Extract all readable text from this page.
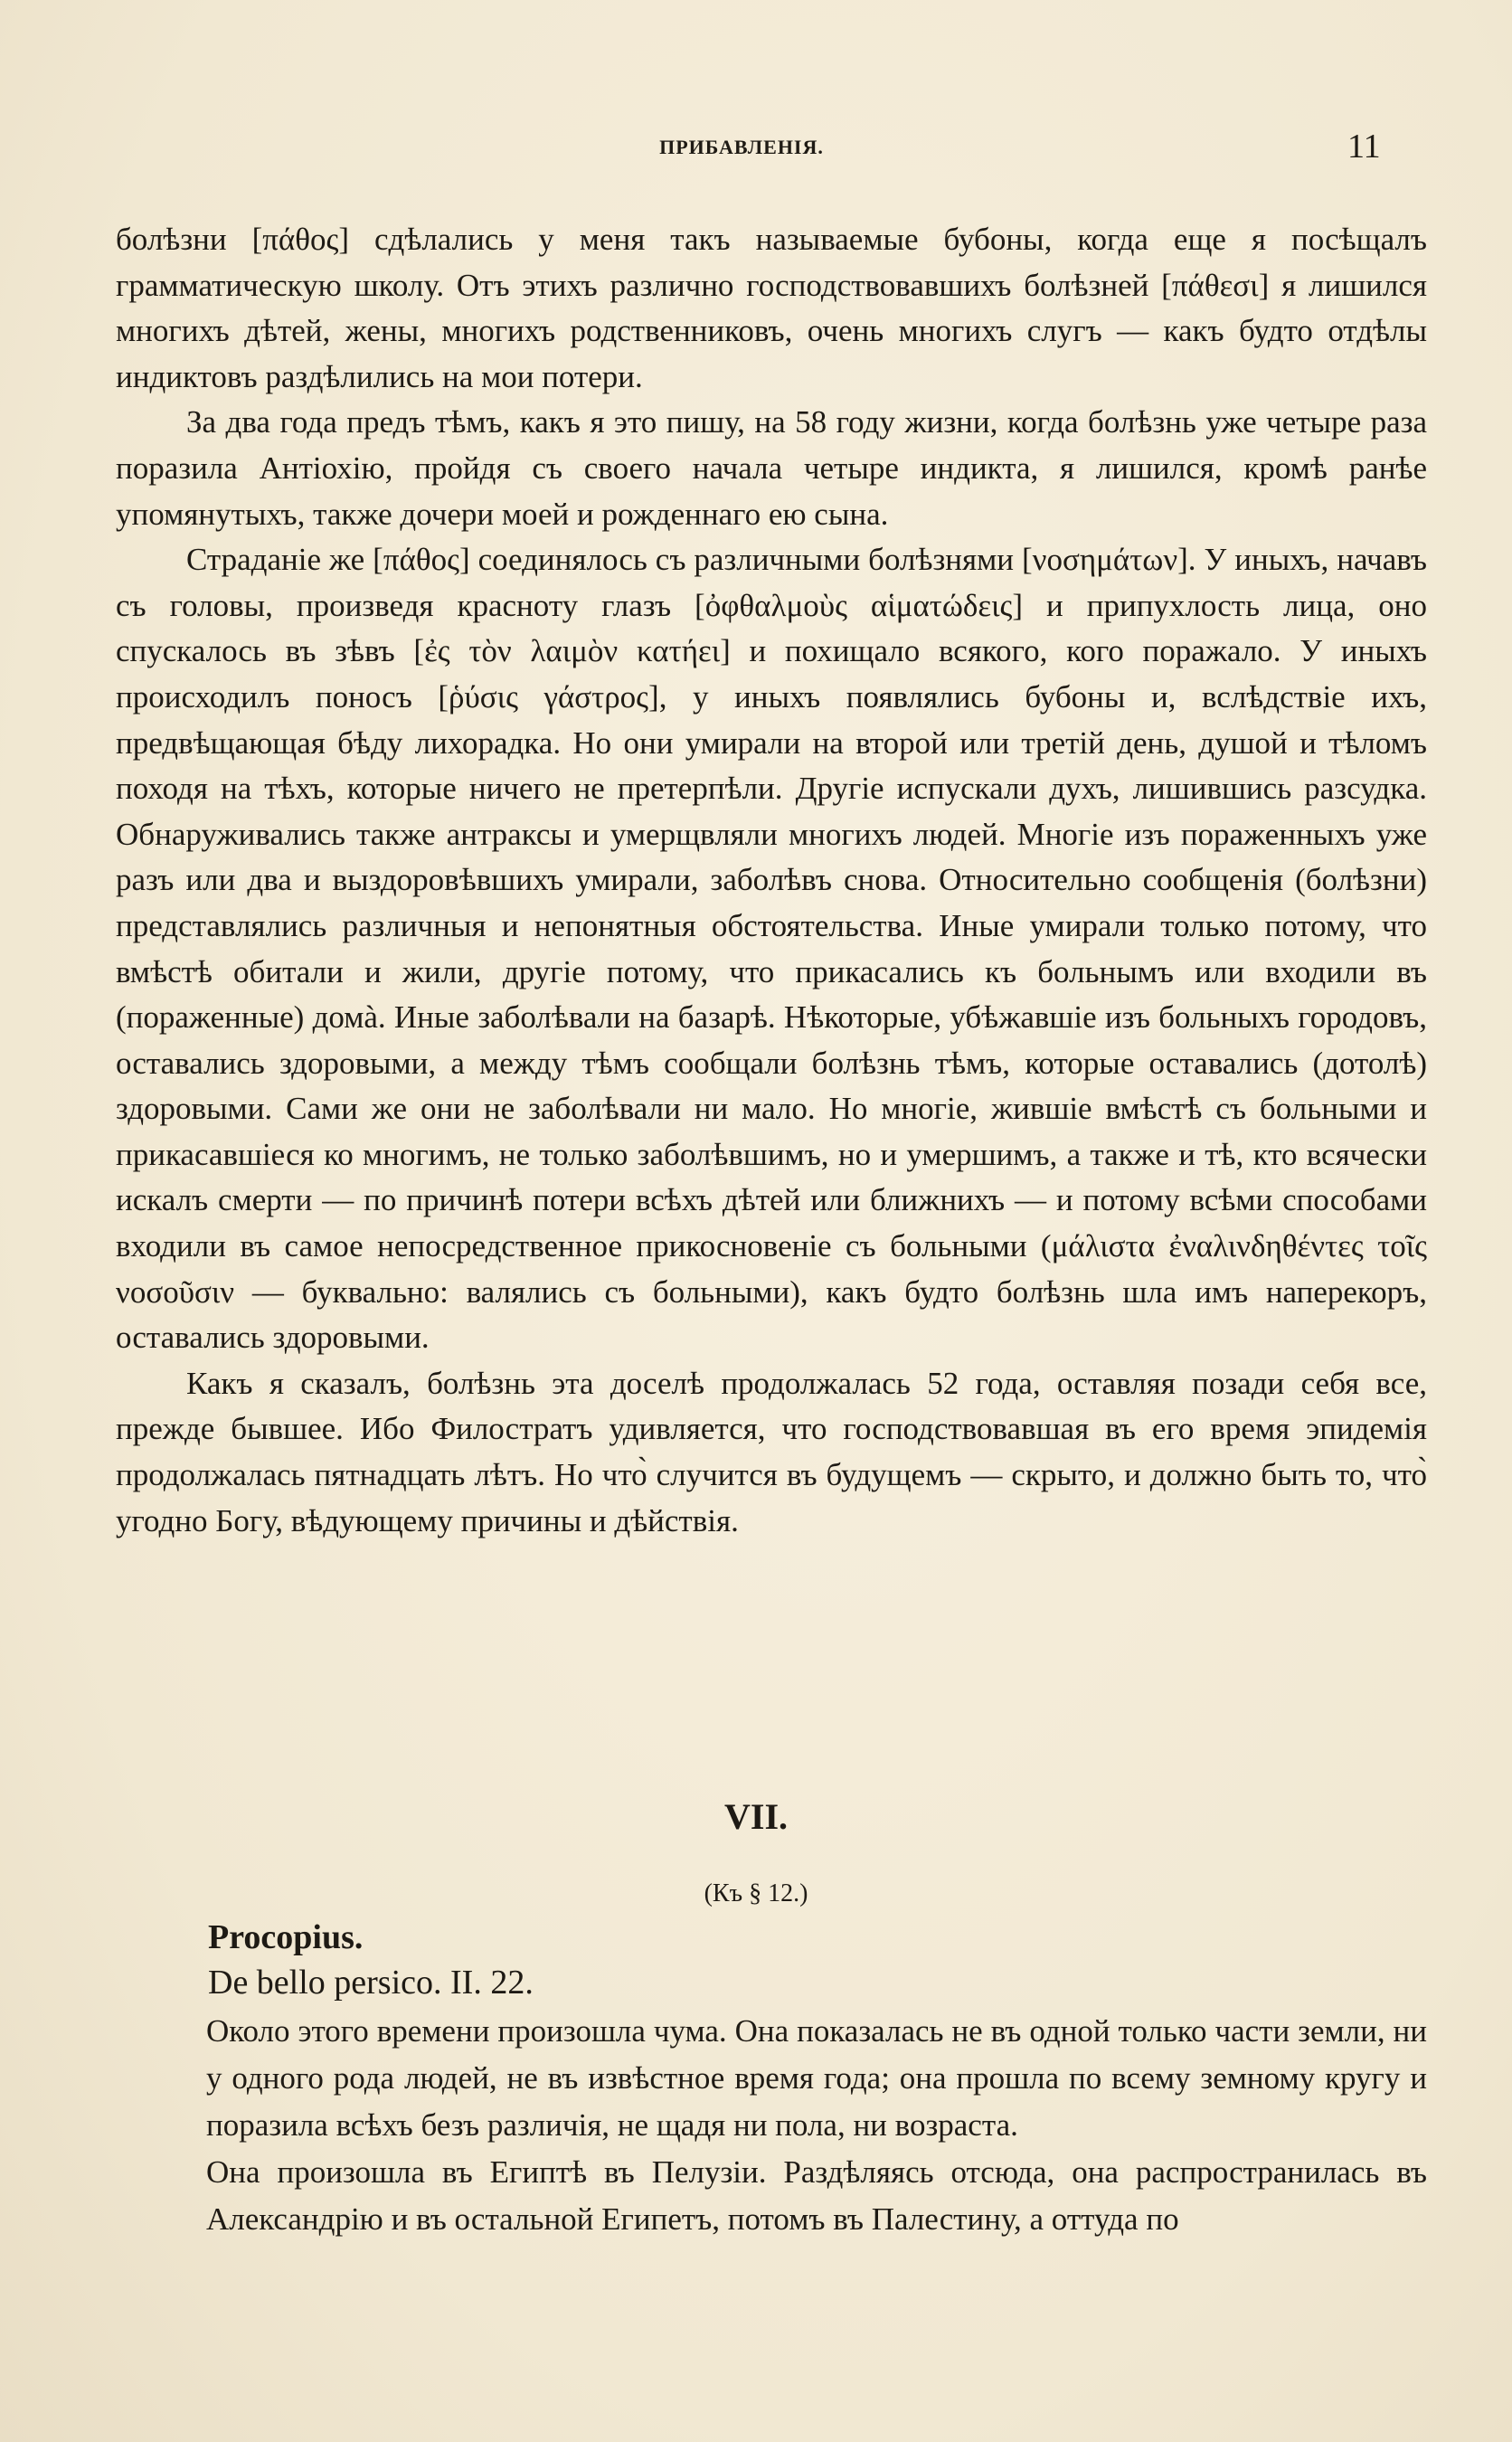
ПРИБАВЛЕНІЯ.	11

болѣзни [πάθος] сдѣлались у меня такъ называемые бубоны, когда еще я посѣщалъ грамматическую школу. Отъ этихъ различно господствовавшихъ болѣзней [πάθεσι] я лишился многихъ дѣтей, жены, многихъ родственниковъ, очень многихъ слугъ — какъ будто отдѣлы индиктовъ раздѣлились на мои потери.

За два года предъ тѣмъ, какъ я это пишу, на 58 году жизни, когда болѣзнь уже четыре раза поразила Антіохію, пройдя съ своего начала четыре индикта, я лишился, кромѣ ранѣе упомянутыхъ, также дочери моей и рожденнаго ею сына.

Страданіе же [πάθος] соединялось съ различными болѣзнями [νοσημάτων]. У иныхъ, начавъ съ головы, произведя красноту глазъ [ὀφθαλμοὺς αἱματώδεις] и припухлость лица, оно спускалось въ зѣвъ [ἐς τὸν λαιμὸν κατήει] и похищало всякого, кого поражало. У иныхъ происходилъ поносъ [ῥύσις γάστρος], у иныхъ появлялись бубоны и, вслѣдствіе ихъ, предвѣщающая бѣду лихорадка. Но они умирали на второй или третій день, душой и тѣломъ походя на тѣхъ, которые ничего не претерпѣли. Другіе испускали духъ, лишившись разсудка. Обнаруживались также антраксы и умерщвляли многихъ людей. Многіе изъ пораженныхъ уже разъ или два и выздоровѣвшихъ умирали, заболѣвъ снова. Относительно сообщенія (болѣзни) представлялись различныя и непонятныя обстоятельства. Иные умирали только потому, что вмѣстѣ обитали и жили, другіе потому, что прикасались къ больнымъ или входили въ (пораженные) домà. Иные заболѣвали на базарѣ. Нѣкоторые, убѣжавшіе изъ больныхъ городовъ, оставались здоровыми, а между тѣмъ сообщали болѣзнь тѣмъ, которые оставались (дотолѣ) здоровыми. Сами же они не заболѣвали ни мало. Но многіе, жившіе вмѣстѣ съ больными и прикасавшіеся ко многимъ, не только заболѣвшимъ, но и умершимъ, а также и тѣ, кто всячески искалъ смерти — по причинѣ потери всѣхъ дѣтей или ближнихъ — и потому всѣми способами входили въ самое непосредственное прикосновеніе съ больными (μάλιστα ἐναλινδηθέντες τοῖς νοσοῦσιν — буквально: валялись съ больными), какъ будто болѣзнь шла имъ наперекоръ, оставались здоровыми.

Какъ я сказалъ, болѣзнь эта доселѣ продолжалась 52 года, оставляя позади себя все, прежде бывшее. Ибо Филостратъ удивляется, что господствовавшая въ его время эпидемія продолжалась пятнадцать лѣтъ. Но что̀ случится въ будущемъ — скрыто, и должно быть то, что̀ угодно Богу, вѣдующему причины и дѣйствія.

VII.
(Къ § 12.)
Procopius.
De bello persico. II. 22.

Около этого времени произошла чума. Она показалась не въ одной только части земли, ни у одного рода людей, не въ извѣстное время года; она прошла по всему земному кругу и поразила всѣхъ безъ различія, не щадя ни пола, ни возраста.

Она произошла въ Египтѣ въ Пелузіи. Раздѣляясь отсюда, она распространилась въ Александрію и въ остальной Египетъ, потомъ въ Палестину, а оттуда по
